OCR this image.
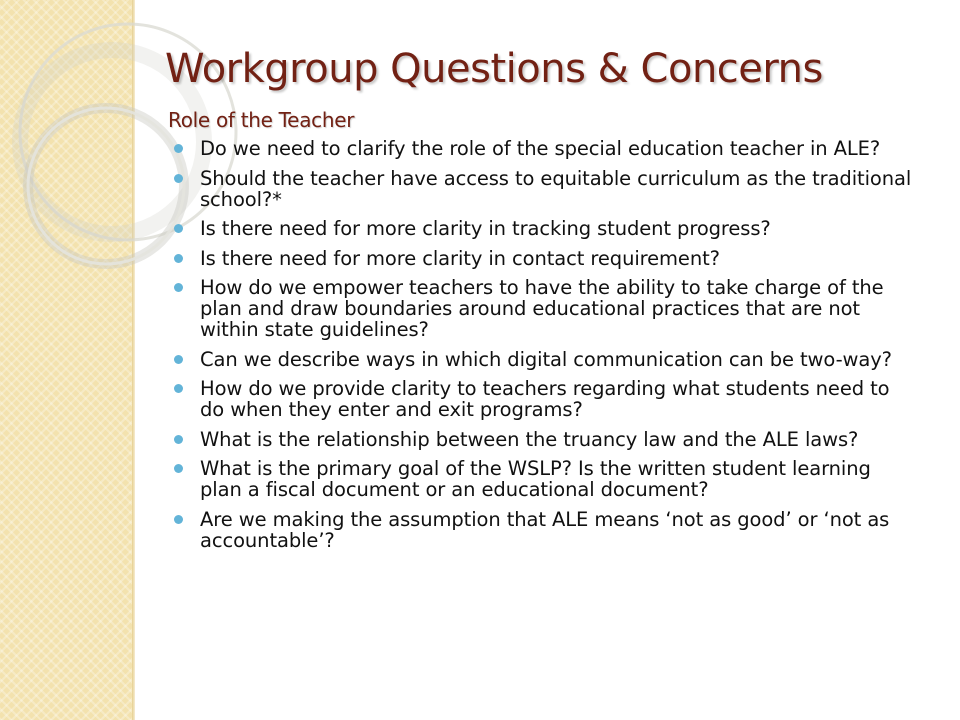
Workgroup Questions & Concerns
Role of the Teacher
Do we need to clarify the role of the special education teacher in ALE?
Should the teacher have access to equitable curriculum as the traditional school?*
Is there need for more clarity in tracking student progress?
Is there need for more clarity in contact requirement?
How do we empower teachers to have the ability to take charge of the plan and draw boundaries around educational practices that are not within state guidelines?
Can we describe ways in which digital communication can be two-way?
How do we provide clarity to teachers regarding what students need to do when they enter and exit programs?
What is the relationship between the truancy law and the ALE laws?
What is the primary goal of the WSLP? Is the written student learning plan a fiscal document or an educational document?
Are we making the assumption that ALE means ‘not as good’ or ‘not as accountable’?
